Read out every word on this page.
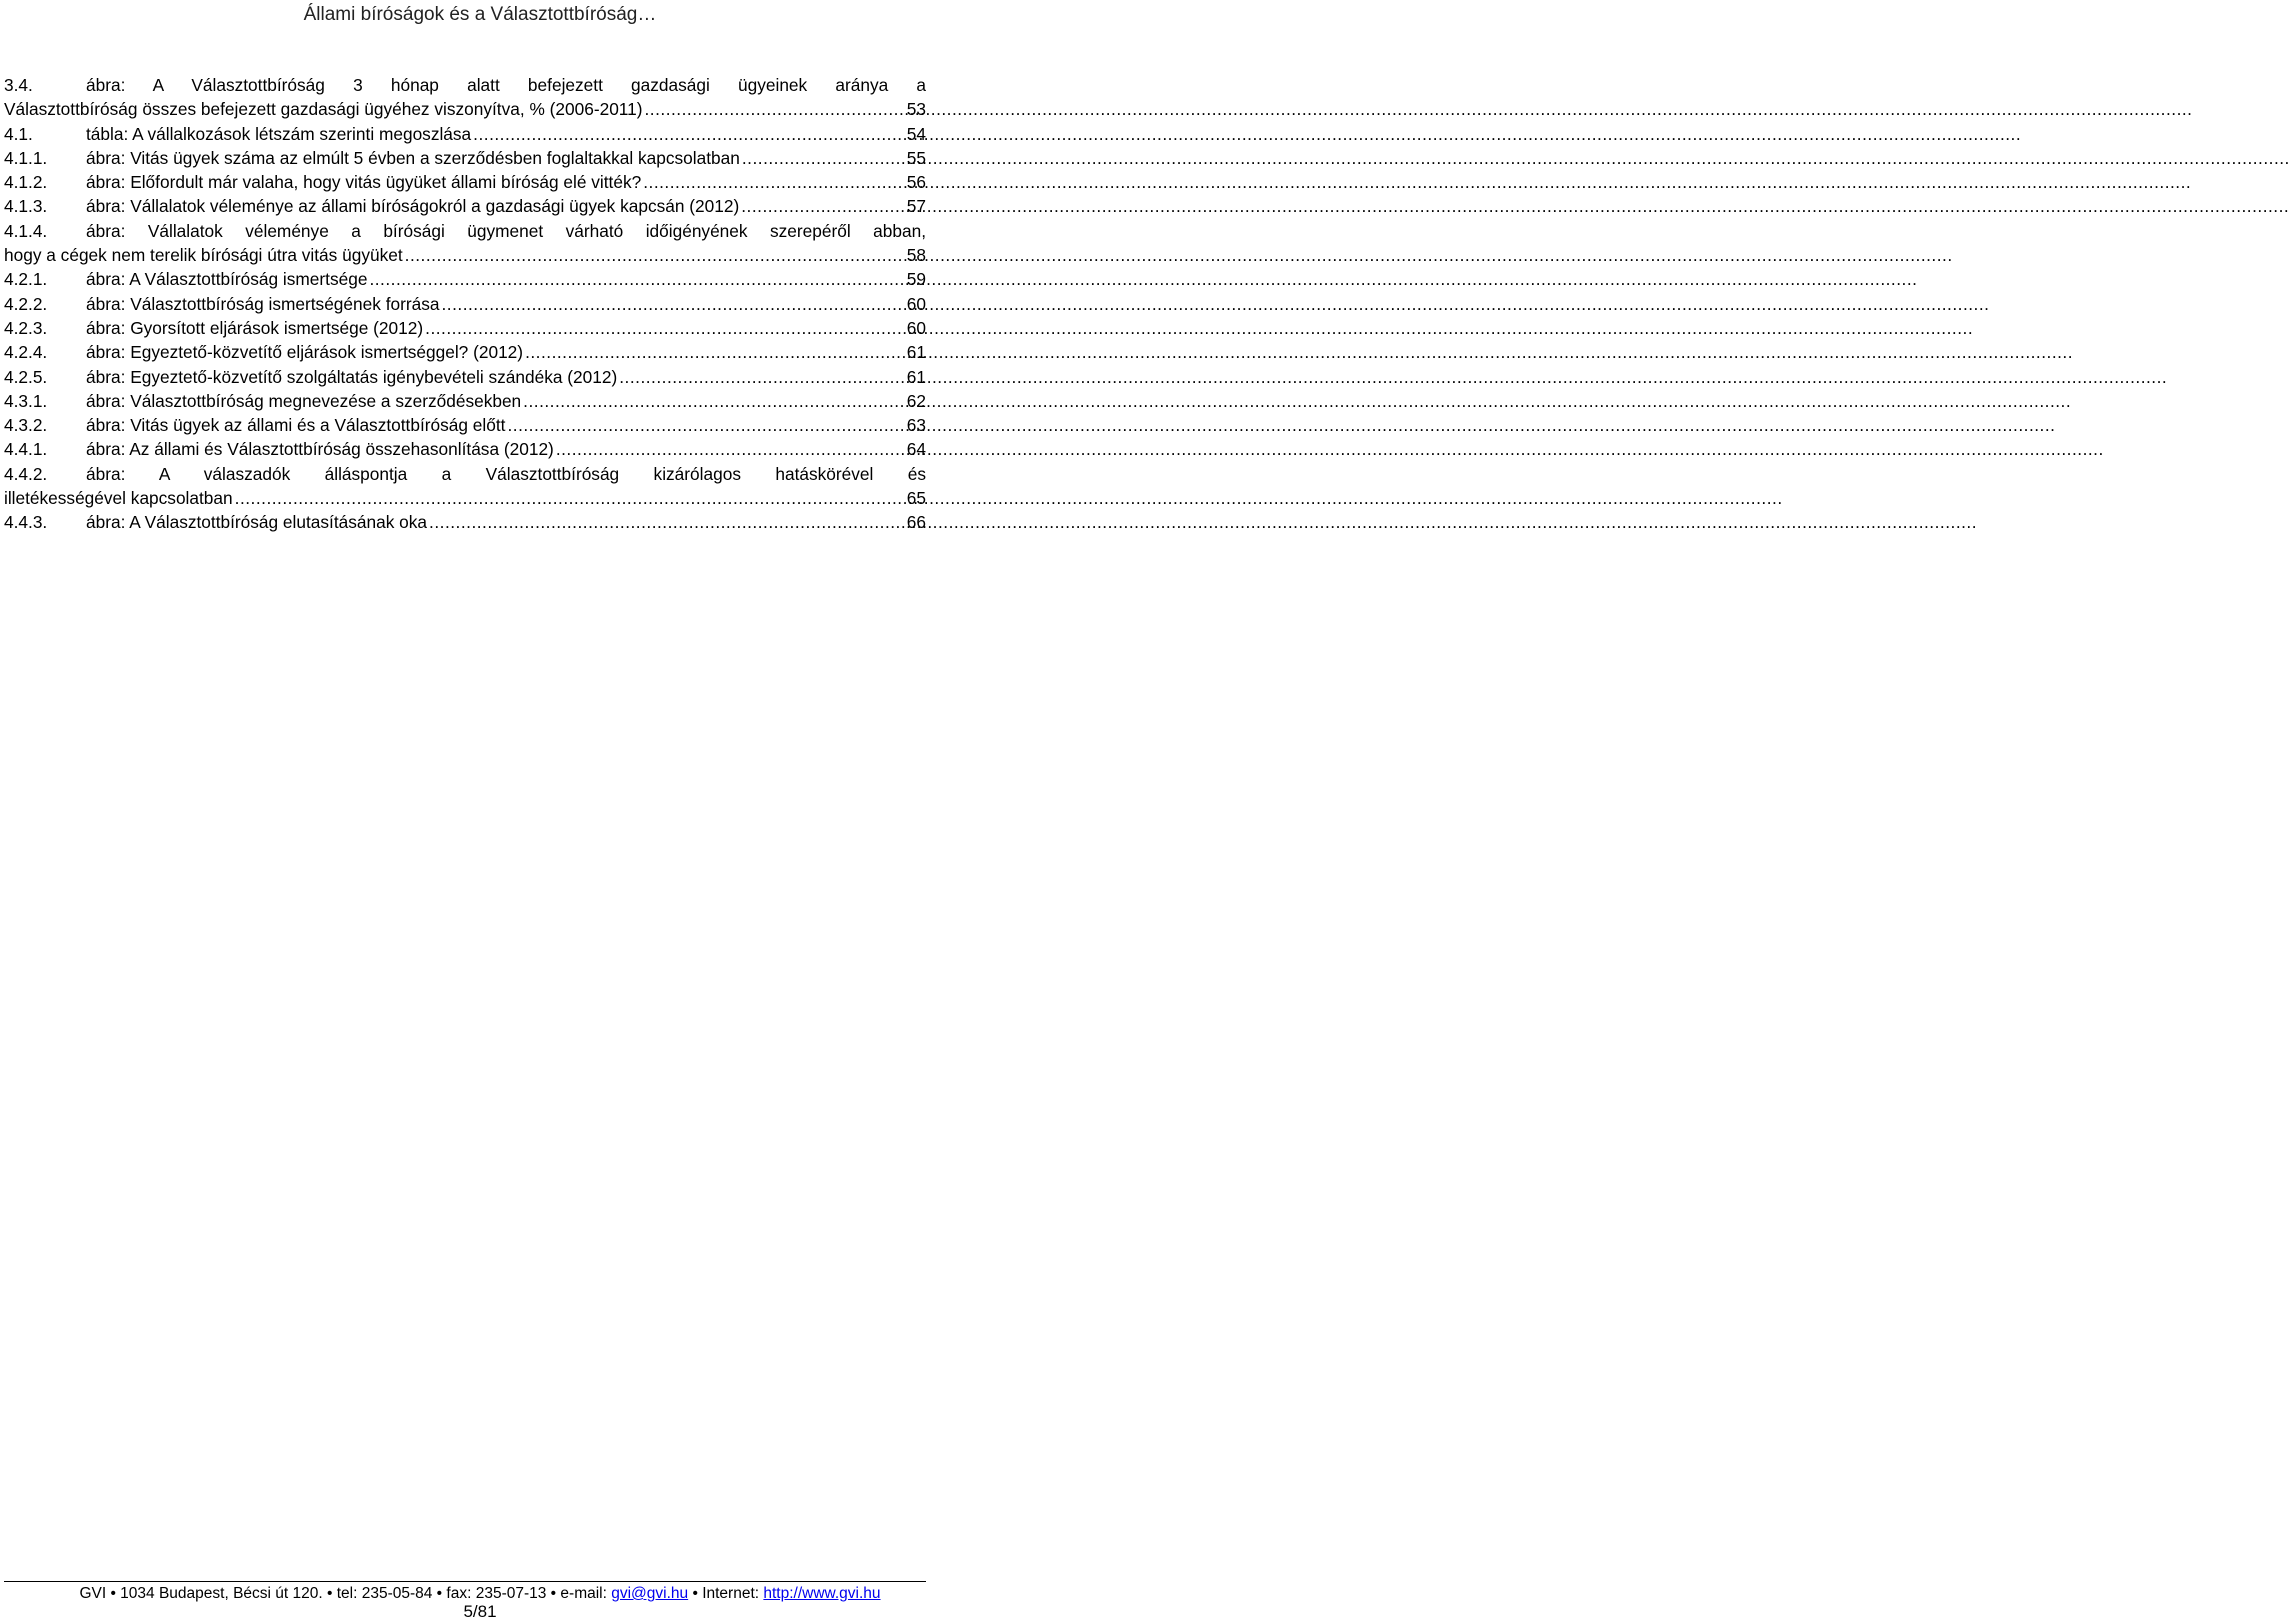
Állami bíróságok és a Választottbíróság…
3.4.	ábra: A Választottbíróság 3 hónap alatt befejezett gazdasági ügyeinek aránya a
Választottbíróság összes befejezett gazdasági ügyéhez viszonyítva, % (2006-2011) .....	53
4.1.	tábla: A vállalkozások létszám szerinti megoszlása .....	54
4.1.1.	ábra: Vitás ügyek száma az elmúlt 5 évben a szerződésben foglaltakkal kapcsolatban .....	55
4.1.2.	ábra: Előfordult már valaha, hogy vitás ügyüket állami bíróság elé vitték? .....	56
4.1.3.	ábra: Vállalatok véleménye az állami bíróságokról a gazdasági ügyek kapcsán (2012) .....	57
4.1.4. ábra: Vállalatok véleménye a bírósági ügymenet várható időigényének szerepéről abban,
hogy a cégek nem terelik bírósági útra vitás ügyüket .....	58
4.2.1.	ábra: A Választottbíróság ismertsége .....	59
4.2.2.	ábra: Választottbíróság ismertségének forrása .....	60
4.2.3.	ábra: Gyorsított eljárások ismertsége (2012) .....	60
4.2.4.	ábra: Egyeztető-közvetítő eljárások ismertséggel? (2012) .....	61
4.2.5.	ábra: Egyeztető-közvetítő szolgáltatás igénybevételi szándéka (2012) .....	61
4.3.1.	ábra: Választottbíróság megnevezése a szerződésekben .....	62
4.3.2.	ábra: Vitás ügyek az állami és a Választottbíróság előtt .....	63
4.4.1.	ábra: Az állami és Választottbíróság összehasonlítása (2012) .....	64
4.4.2. ábra: A válaszadók álláspontja a Választottbíróság kizárólagos hatáskörével és
illetékességével kapcsolatban .....	65
4.4.3.	ábra: A Választottbíróság elutasításának oka .....	66
GVI • 1034 Budapest, Bécsi út 120. • tel: 235-05-84 • fax: 235-07-13 • e-mail: gvi@gvi.hu • Internet: http://www.gvi.hu
5/81
